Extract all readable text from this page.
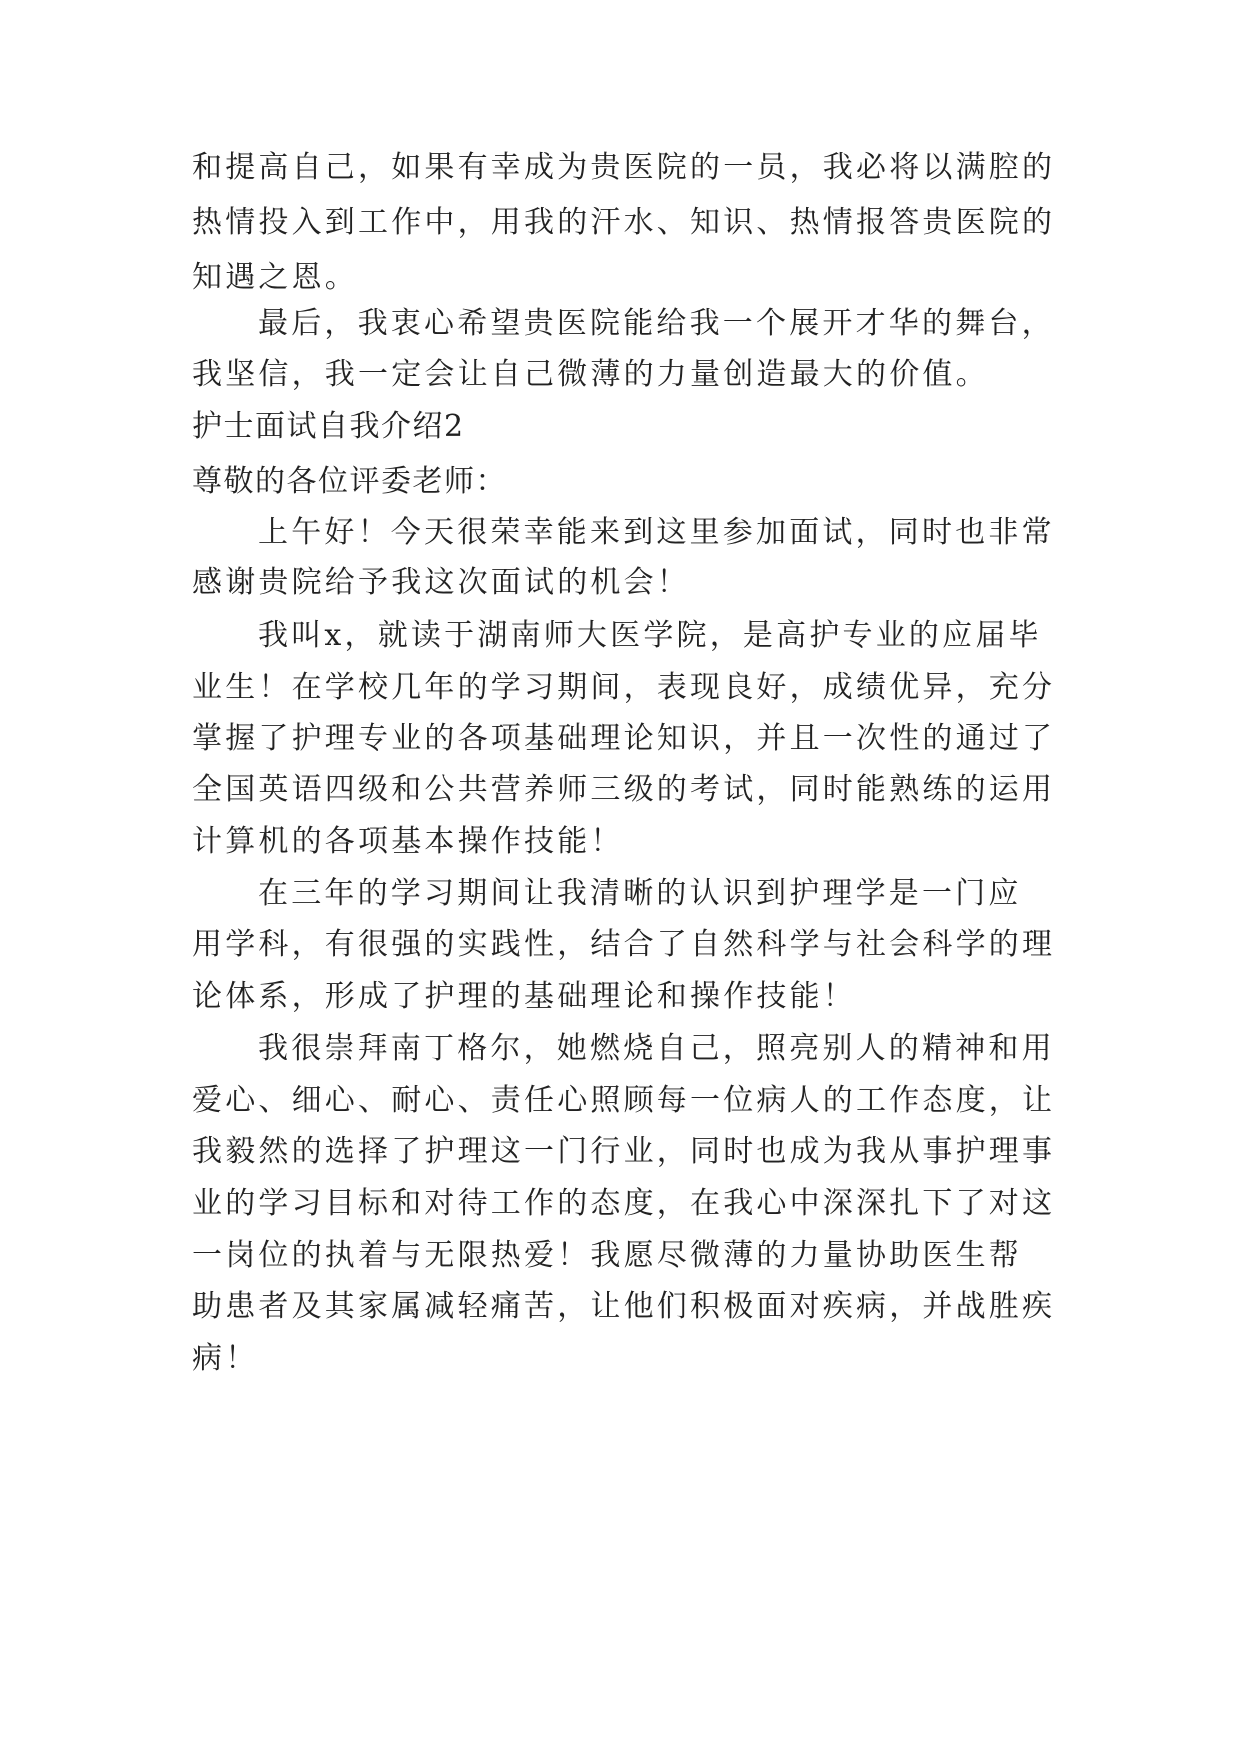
和提高自己，如果有幸成为贵医院的一员，我必将以满腔的
热情投入到工作中，用我的汗水、知识、热情报答贵医院的
知遇之恩。
最后，我衷心希望贵医院能给我一个展开才华的舞台，
我坚信，我一定会让自己微薄的力量创造最大的价值。
护士面试自我介绍2
尊敬的各位评委老师：
上午好！今天很荣幸能来到这里参加面试，同时也非常
感谢贵院给予我这次面试的机会！
我叫x，就读于湖南师大医学院，是高护专业的应届毕
业生！在学校几年的学习期间，表现良好，成绩优异，充分
掌握了护理专业的各项基础理论知识，并且一次性的通过了
全国英语四级和公共营养师三级的考试，同时能熟练的运用
计算机的各项基本操作技能！
在三年的学习期间让我清晰的认识到护理学是一门应
用学科，有很强的实践性，结合了自然科学与社会科学的理
论体系，形成了护理的基础理论和操作技能！
我很崇拜南丁格尔，她燃烧自己，照亮别人的精神和用
爱心、细心、耐心、责任心照顾每一位病人的工作态度，让
我毅然的选择了护理这一门行业，同时也成为我从事护理事
业的学习目标和对待工作的态度，在我心中深深扎下了对这
一岗位的执着与无限热爱！我愿尽微薄的力量协助医生帮
助患者及其家属减轻痛苦，让他们积极面对疾病，并战胜疾
病！
